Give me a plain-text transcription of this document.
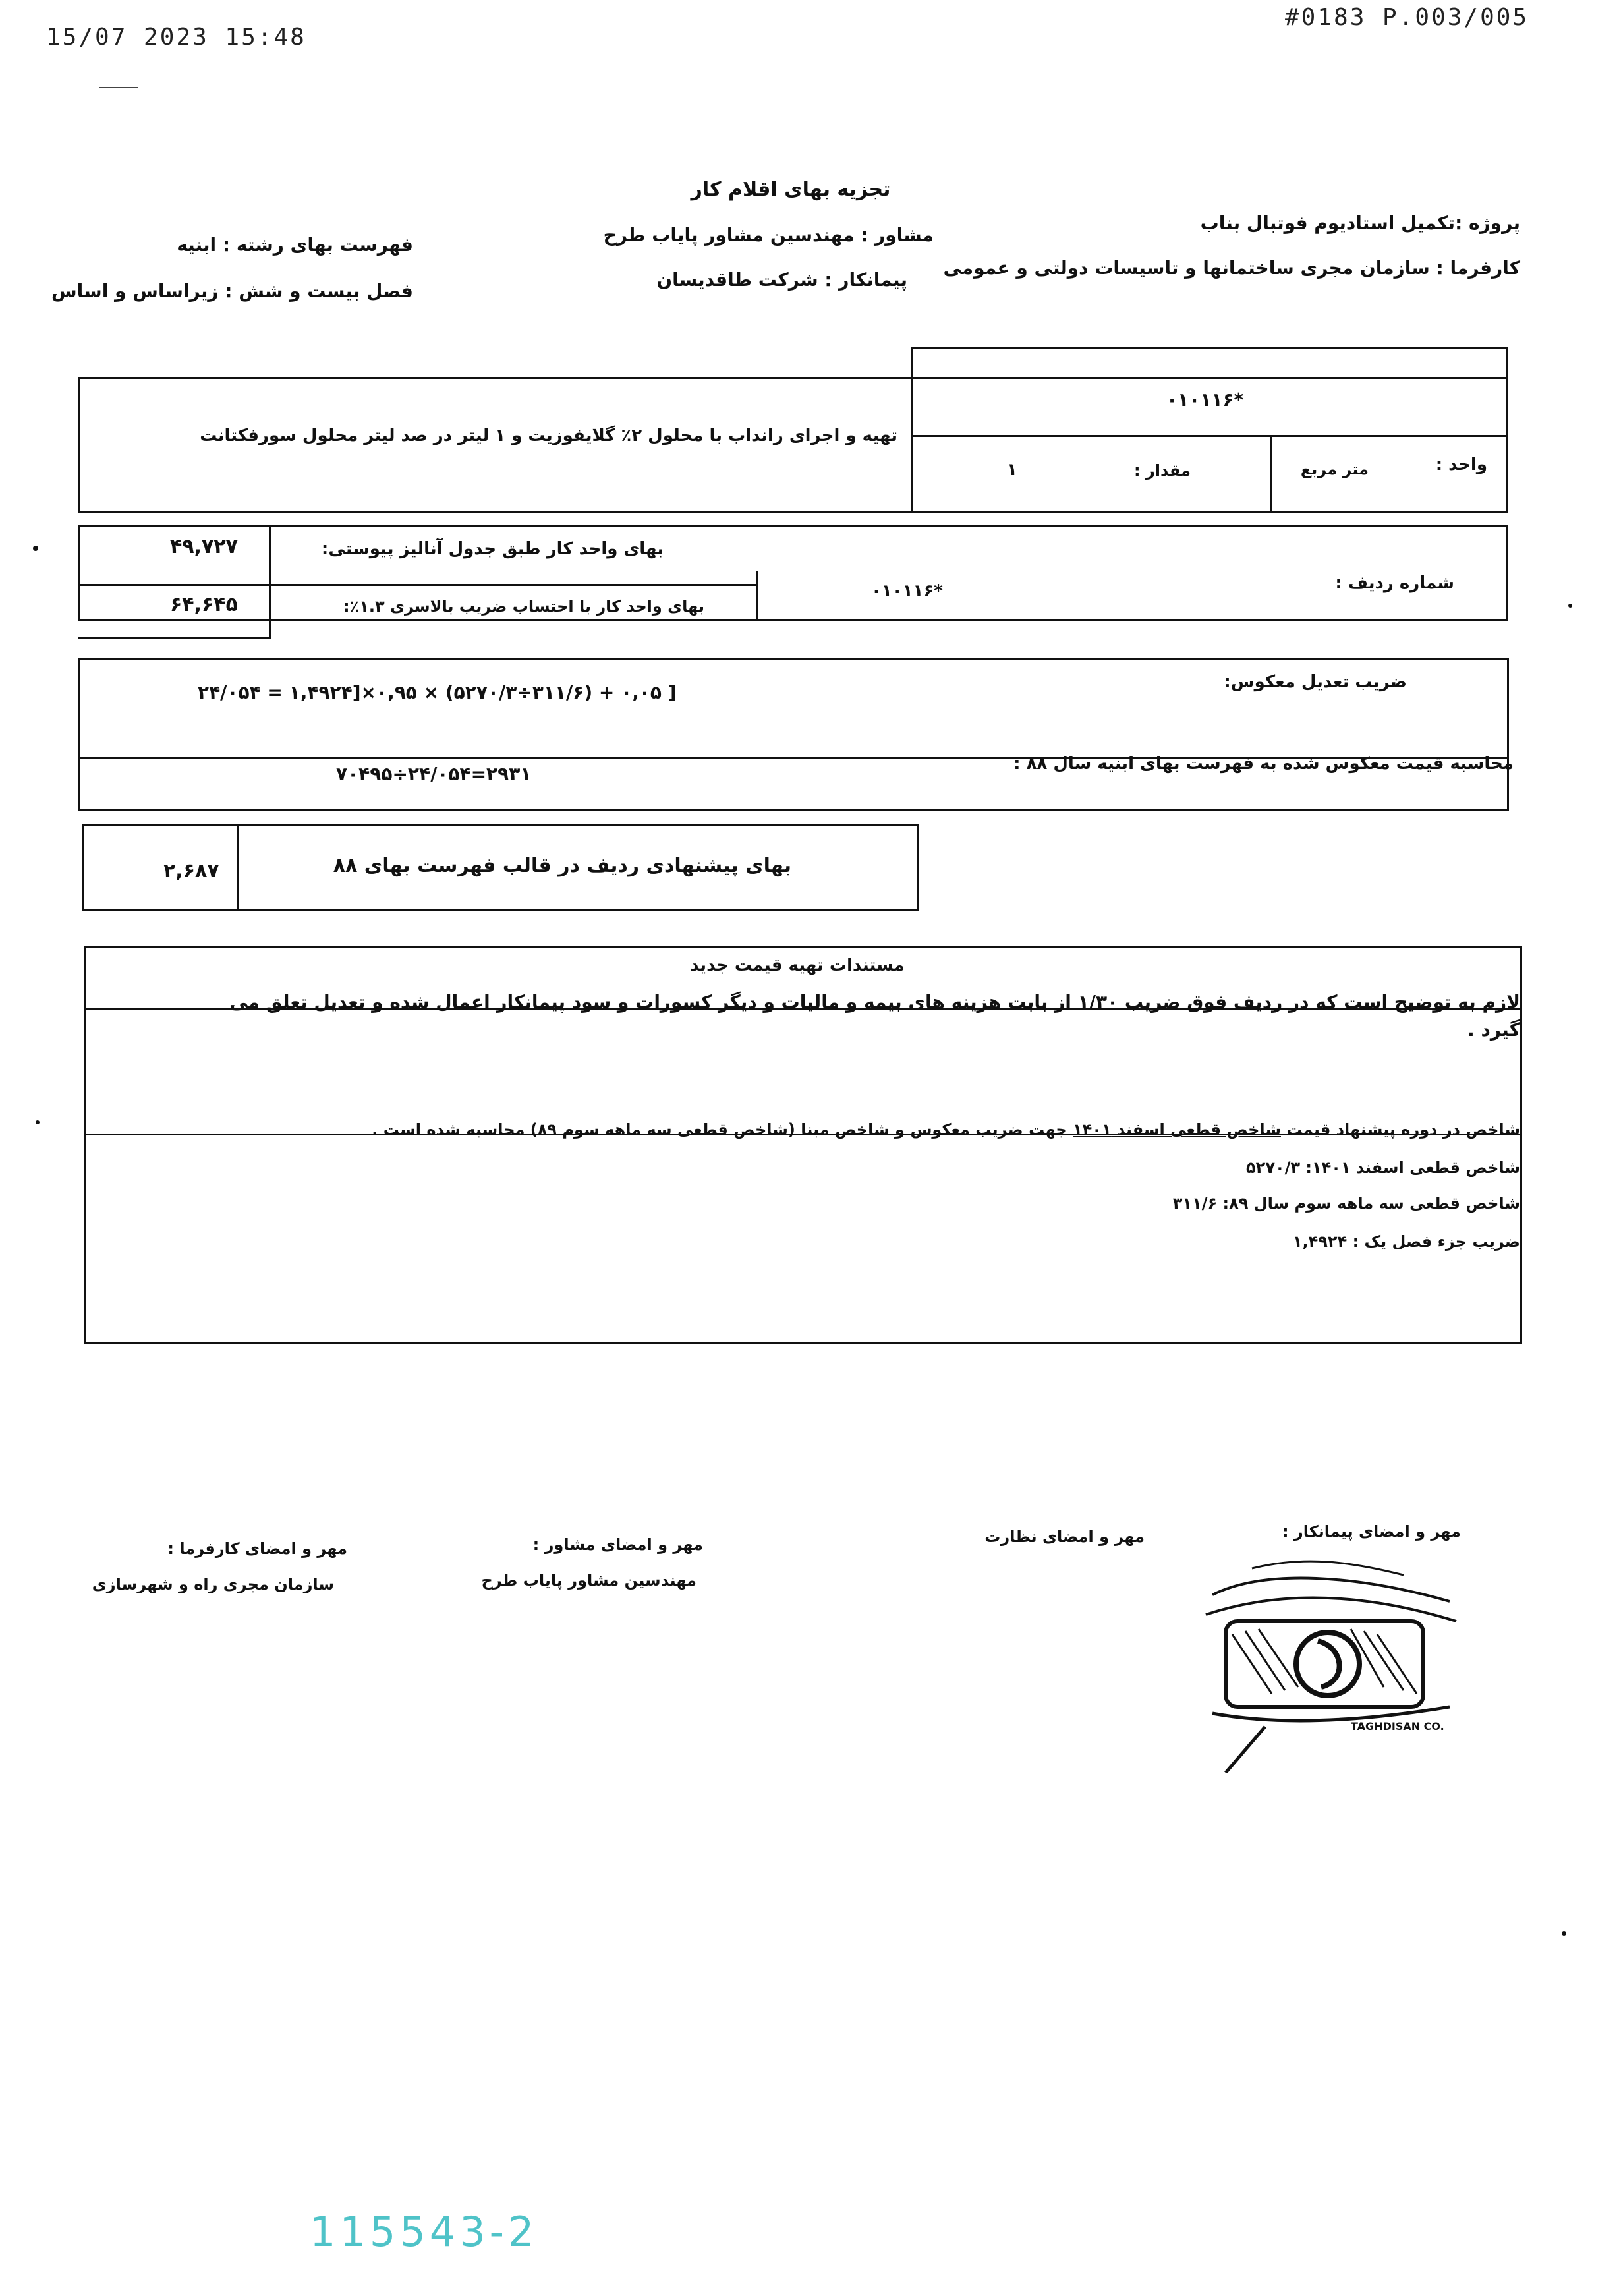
15/07 2023 15:48
#0183 P.003/005
تجزیه بهای اقلام کار
پروژه :تکمیل استادیوم فوتبال بناب
کارفرما : سازمان مجری ساختمانها و تاسیسات دولتی و عمومی
مشاور : مهندسین مشاور پایاب طرح
پیمانکار : شرکت طاقدیسان
فهرست بهای رشته : ابنیه
فصل بیست و شش : زیراساس و اساس
۰۱۰۱۱۶*
تهیه و اجرای رانداب با محلول ۲٪ گلایفوزیت و ۱ لیتر در صد لیتر محلول سورفکتانت
واحد :
متر مربع
مقدار :
۱
۴۹,۷۲۷	بهای واحد کار طبق جدول آنالیز پیوستی:
۶۴,۶۴۵	بهای واحد کار با احتساب ضریب بالاسری ۱.۳٪:
شماره ردیف :
۰۱۰۱۱۶*
ضریب تعدیل معکوس:
۲۴/۰۵۴ = ۱,۴۹۲۴]×۰,۹۵ × (۵۲۷۰/۳÷۳۱۱/۶) + ۰,۰۵ ]
محاسبه قیمت معکوس شده به فهرست بهای ابنیه سال ۸۸ :
۷۰۴۹۵÷۲۴/۰۵۴=۲۹۳۱
۲,۶۸۷	بهای پیشنهادی ردیف در قالب فهرست بهای ۸۸
مستندات تهیه قیمت جدید
لازم به توضیح است که در ردیف فوق ضریب ۱/۳۰ از بابت هزینه های بیمه و مالیات و دیگر کسورات و سود پیمانکار اعمال شده و تعدیل تعلق می گیرد .
شاخص در دوره پیشنهاد قیمت شاخص قطعی اسفند ۱۴۰۱ جهت ضریب معکوس و شاخص مبنا (شاخص قطعی سه ماهه سوم ۸۹) محاسبه شده است .
شاخص قطعی اسفند ۱۴۰۱: ۵۲۷۰/۳
شاخص قطعی سه ماهه سوم سال ۸۹: ۳۱۱/۶
ضریب جزء فصل یک : ۱,۴۹۲۴
مهر و امضای پیمانکار :
مهر و امضای نظارت
مهر و امضای مشاور :
مهندسین مشاور پایاب طرح
مهر و امضای کارفرما :
سازمان مجری راه و شهرسازی
TAGHDISAN CO.
115543-2
